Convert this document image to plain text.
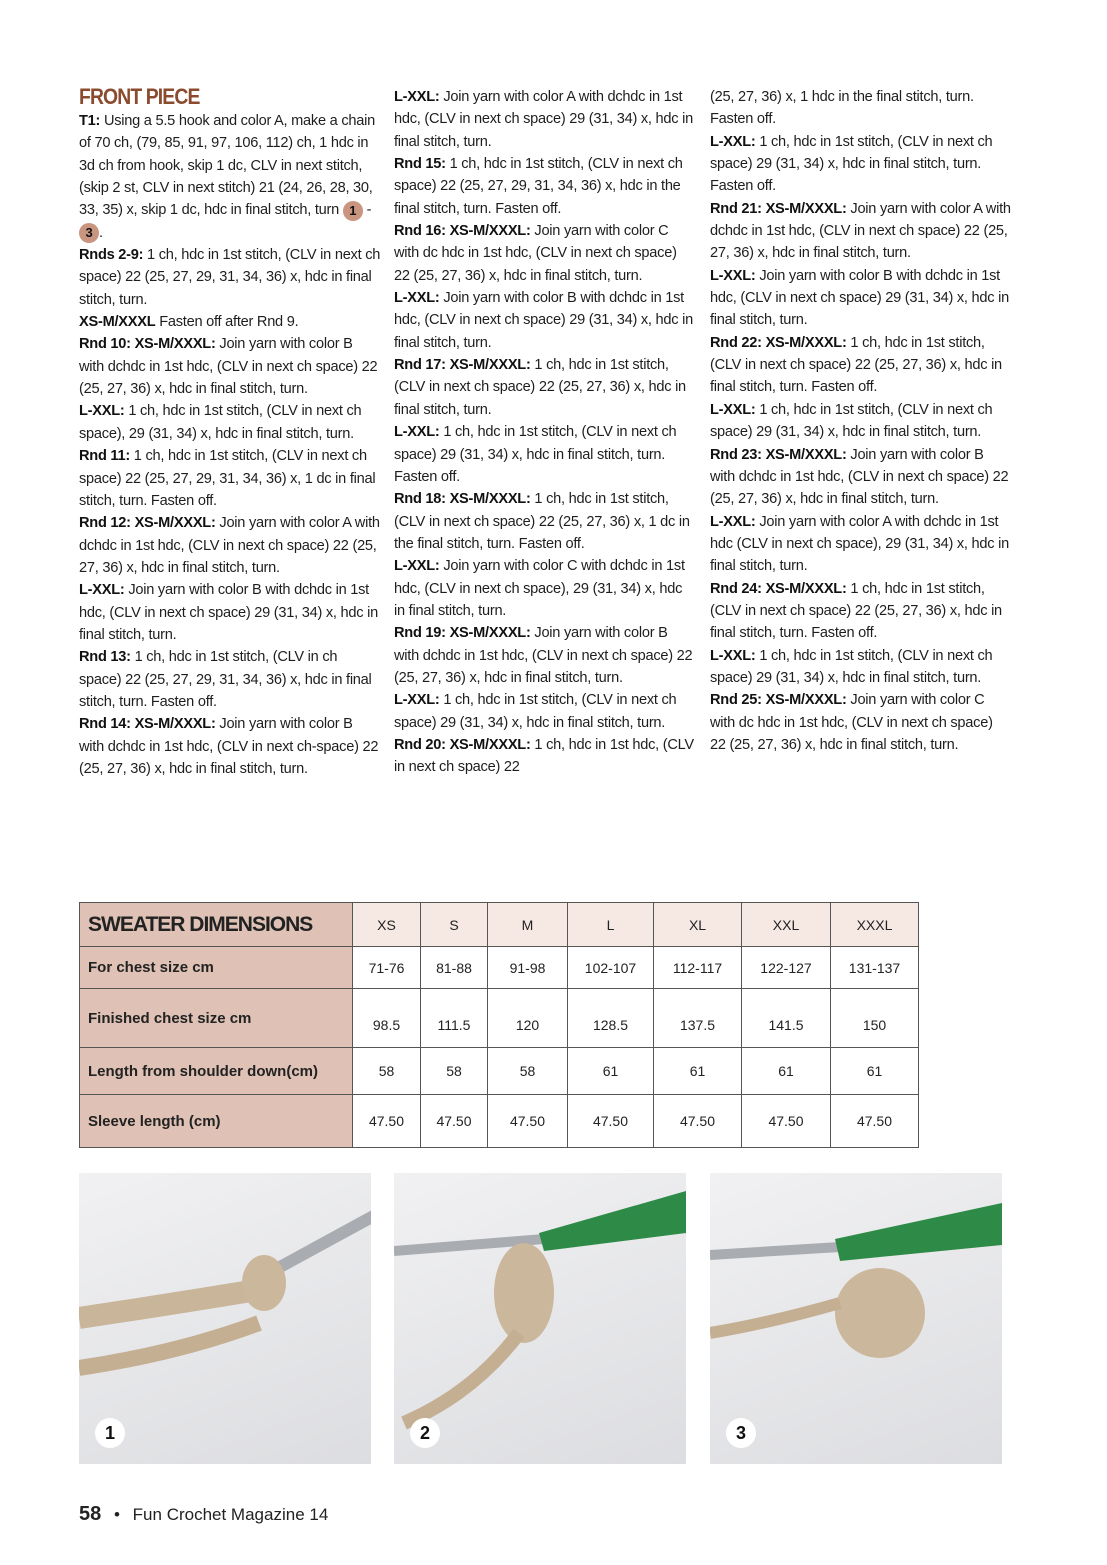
FRONT PIECE

T1: Using a 5.5 hook and color A, make a chain of 70 ch, (79, 85, 91, 97, 106, 112) ch, 1 hdc in 3d ch from hook, skip 1 dc, CLV in next stitch, (skip 2 st, CLV in next stitch) 21 (24, 26, 28, 30, 33, 35) x, skip 1 dc, hdc in final stitch, turn 1 - 3 .

Rnds 2-9: 1 ch, hdc in 1st stitch, (CLV in next ch space) 22 (25, 27, 29, 31, 34, 36) x, hdc in final stitch, turn.

XS-M/XXXL Fasten off after Rnd 9.

Rnd 10: XS-M/XXXL: Join yarn with color B with dchdc in 1st hdc, (CLV in next ch space) 22 (25, 27, 36) x, hdc in final stitch, turn.

L-XXL: 1 ch, hdc in 1st stitch, (CLV in next ch space), 29 (31, 34) x, hdc in final stitch, turn.

Rnd 11: 1 ch, hdc in 1st stitch, (CLV in next ch space) 22 (25, 27, 29, 31, 34, 36) x, 1 dc in final stitch, turn. Fasten off.

Rnd 12: XS-M/XXXL: Join yarn with color A with dchdc in 1st hdc, (CLV in next ch space) 22 (25, 27, 36) x, hdc in final stitch, turn.

L-XXL: Join yarn with color B with dchdc in 1st hdc, (CLV in next ch space) 29 (31, 34) x, hdc in final stitch, turn.

Rnd 13: 1 ch, hdc in 1st stitch, (CLV in ch space) 22 (25, 27, 29, 31, 34, 36) x, hdc in final stitch, turn. Fasten off.

Rnd 14: XS-M/XXXL: Join yarn with color B with dchdc in 1st hdc, (CLV in next ch-space) 22 (25, 27, 36) x, hdc in final stitch, turn.

L-XXL: Join yarn with color A with dchdc in 1st hdc, (CLV in next ch space) 29 (31, 34) x, hdc in final stitch, turn.

Rnd 15: 1 ch, hdc in 1st stitch, (CLV in next ch space) 22 (25, 27, 29, 31, 34, 36) x, hdc in the final stitch, turn. Fasten off.

Rnd 16: XS-M/XXXL: Join yarn with color C with dc hdc in 1st hdc, (CLV in next ch space) 22 (25, 27, 36) x, hdc in final stitch, turn.

L-XXL: Join yarn with color B with dchdc in 1st hdc, (CLV in next ch space) 29 (31, 34) x, hdc in final stitch, turn.

Rnd 17: XS-M/XXXL: 1 ch, hdc in 1st stitch, (CLV in next ch space) 22 (25, 27, 36) x, hdc in final stitch, turn.

L-XXL: 1 ch, hdc in 1st stitch, (CLV in next ch space) 29 (31, 34) x, hdc in final stitch, turn. Fasten off.

Rnd 18: XS-M/XXXL: 1 ch, hdc in 1st stitch, (CLV in next ch space) 22 (25, 27, 36) x, 1 dc in the final stitch, turn. Fasten off.

L-XXL: Join yarn with color C with dchdc in 1st hdc, (CLV in next ch space), 29 (31, 34) x, hdc in final stitch, turn.

Rnd 19: XS-M/XXXL: Join yarn with color B with dchdc in 1st hdc, (CLV in next ch space) 22 (25, 27, 36) x, hdc in final stitch, turn.

L-XXL: 1 ch, hdc in 1st stitch, (CLV in next ch space) 29 (31, 34) x, hdc in final stitch, turn.

Rnd 20: XS-M/XXXL: 1 ch, hdc in 1st hdc, (CLV in next ch space) 22

(25, 27, 36) x, 1 hdc in the final stitch, turn. Fasten off.

L-XXL: 1 ch, hdc in 1st stitch, (CLV in next ch space) 29 (31, 34) x, hdc in final stitch, turn. Fasten off.

Rnd 21: XS-M/XXXL: Join yarn with color A with dchdc in 1st hdc, (CLV in next ch space) 22 (25, 27, 36) x, hdc in final stitch, turn.

L-XXL: Join yarn with color B with dchdc in 1st hdc, (CLV in next ch space) 29 (31, 34) x, hdc in final stitch, turn.

Rnd 22: XS-M/XXXL: 1 ch, hdc in 1st stitch, (CLV in next ch space) 22 (25, 27, 36) x, hdc in final stitch, turn. Fasten off.

L-XXL: 1 ch, hdc in 1st stitch, (CLV in next ch space) 29 (31, 34) x, hdc in final stitch, turn.

Rnd 23: XS-M/XXXL: Join yarn with color B with dchdc in 1st hdc, (CLV in next ch space) 22 (25, 27, 36) x, hdc in final stitch, turn.

L-XXL: Join yarn with color A with dchdc in 1st hdc (CLV in next ch space), 29 (31, 34) x, hdc in final stitch, turn.

Rnd 24: XS-M/XXXL: 1 ch, hdc in 1st stitch, (CLV in next ch space) 22 (25, 27, 36) x, hdc in final stitch, turn. Fasten off.

L-XXL: 1 ch, hdc in 1st stitch, (CLV in next ch space) 29 (31, 34) x, hdc in final stitch, turn.

Rnd 25: XS-M/XXXL: Join yarn with color C with dc hdc in 1st hdc, (CLV in next ch space) 22 (25, 27, 36) x, hdc in final stitch, turn.

SWEATER DIMENSIONS	XS	S	M	L	XL	XXL	XXXL
For chest size cm	71-76	81-88	91-98	102-107	112-117	122-127	131-137
Finished chest size cm	98.5	111.5	120	128.5	137.5	141.5	150
Length from shoulder down(cm)	58	58	58	61	61	61	61
Sleeve length (cm)	47.50	47.50	47.50	47.50	47.50	47.50	47.50
1	2	3
58 • Fun Crochet Magazine 14
